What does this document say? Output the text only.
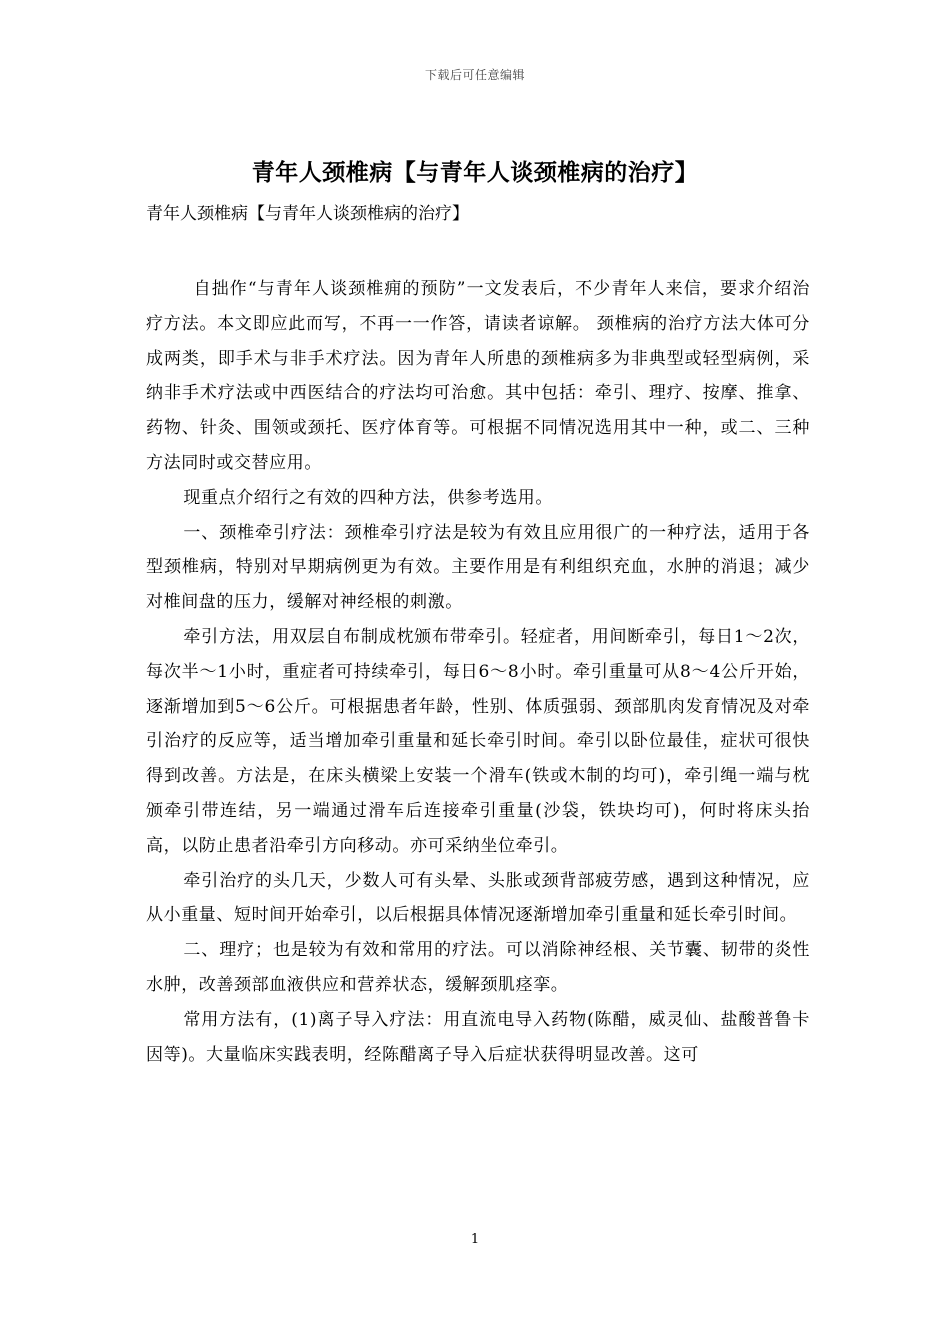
下载后可任意编辑
青年人颈椎病【与青年人谈颈椎病的治疗】
青年人颈椎病【与青年人谈颈椎病的治疗】

自拙作“与青年人谈颈椎痈的预防”一文发表后，不少青年人来信，要求介绍治疗方法。本文即应此而写，不再一一作答，请读者谅解。 颈椎病的治疗方法大体可分成两类，即手术与非手术疗法。因为青年人所患的颈椎病多为非典型或轻型病例，采纳非手术疗法或中西医结合的疗法均可治愈。其中包括：牵引、理疗、按摩、推拿、药物、针灸、围领或颈托、医疗体育等。可根据不同情况选用其中一种，或二、三种方法同时或交替应用。

现重点介绍行之有效的四种方法，供参考选用。

一、颈椎牵引疗法：颈椎牵引疗法是较为有效且应用很广的一种疗法，适用于各型颈椎病，特别对早期病例更为有效。主要作用是有利组织充血，水肿的消退；减少对椎间盘的压力，缓解对神经根的刺激。

牵引方法，用双层自布制成枕颁布带牵引。轻症者，用间断牵引，每日1～2次，每次半～1小时，重症者可持续牵引，每日6～8小时。牵引重量可从8～4公斤开始，逐渐增加到5～6公斤。可根据患者年龄，性别、体质强弱、颈部肌肉发育情况及对牵引治疗的反应等，适当增加牵引重量和延长牵引时间。牵引以卧位最佳，症状可很快得到改善。方法是，在床头横梁上安装一个滑车(铁或木制的均可)，牵引绳一端与枕颁牵引带连结，另一端通过滑车后连接牵引重量(沙袋，铁块均可)，何时将床头抬高，以防止患者沿牵引方向移动。亦可采纳坐位牵引。

牵引治疗的头几天，少数人可有头晕、头胀或颈背部疲劳感，遇到这种情况，应从小重量、短时间开始牵引，以后根据具体情况逐渐增加牵引重量和延长牵引时间。

二、理疗；也是较为有效和常用的疗法。可以消除神经根、关节囊、韧带的炎性水肿，改善颈部血液供应和营养状态，缓解颈肌痉挛。

常用方法有，(1)离子导入疗法：用直流电导入药物(陈醋，威灵仙、盐酸普鲁卡因等)。大量临床实践表明，经陈醋离子导入后症状获得明显改善。这可

1
